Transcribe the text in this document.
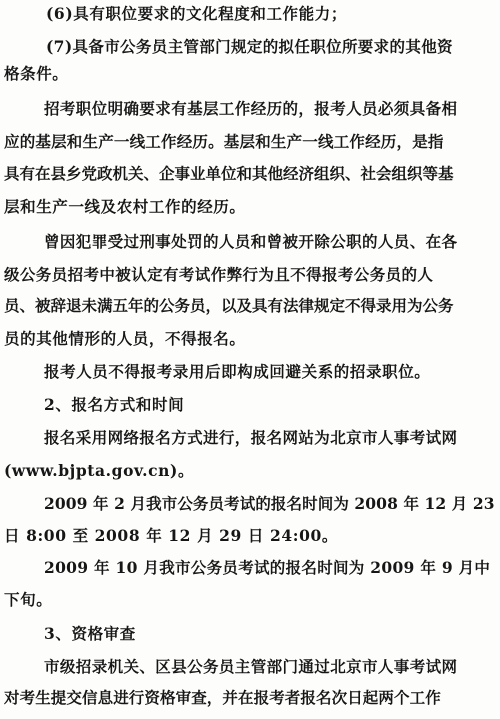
(6)具有职位要求的文化程度和工作能力；
(7)具备市公务员主管部门规定的拟任职位所要求的其他资
格条件。
招考职位明确要求有基层工作经历的，报考人员必须具备相
应的基层和生产一线工作经历。基层和生产一线工作经历，是指
具有在县乡党政机关、企事业单位和其他经济组织、社会组织等基
层和生产一线及农村工作的经历。
曾因犯罪受过刑事处罚的人员和曾被开除公职的人员、在各
级公务员招考中被认定有考试作弊行为且不得报考公务员的人
员、被辞退未满五年的公务员，以及具有法律规定不得录用为公务
员的其他情形的人员，不得报名。
报考人员不得报考录用后即构成回避关系的招录职位。
2、报名方式和时间
报名采用网络报名方式进行，报名网站为北京市人事考试网
(www.bjpta.gov.cn)。
2009 年 2 月我市公务员考试的报名时间为 2008 年 12 月 23
日 8:00 至 2008 年 12 月 29 日 24:00。
2009 年 10 月我市公务员考试的报名时间为 2009 年 9 月中
下旬。
3、资格审查
市级招录机关、区县公务员主管部门通过北京市人事考试网
对考生提交信息进行资格审查，并在报考者报名次日起两个工作
